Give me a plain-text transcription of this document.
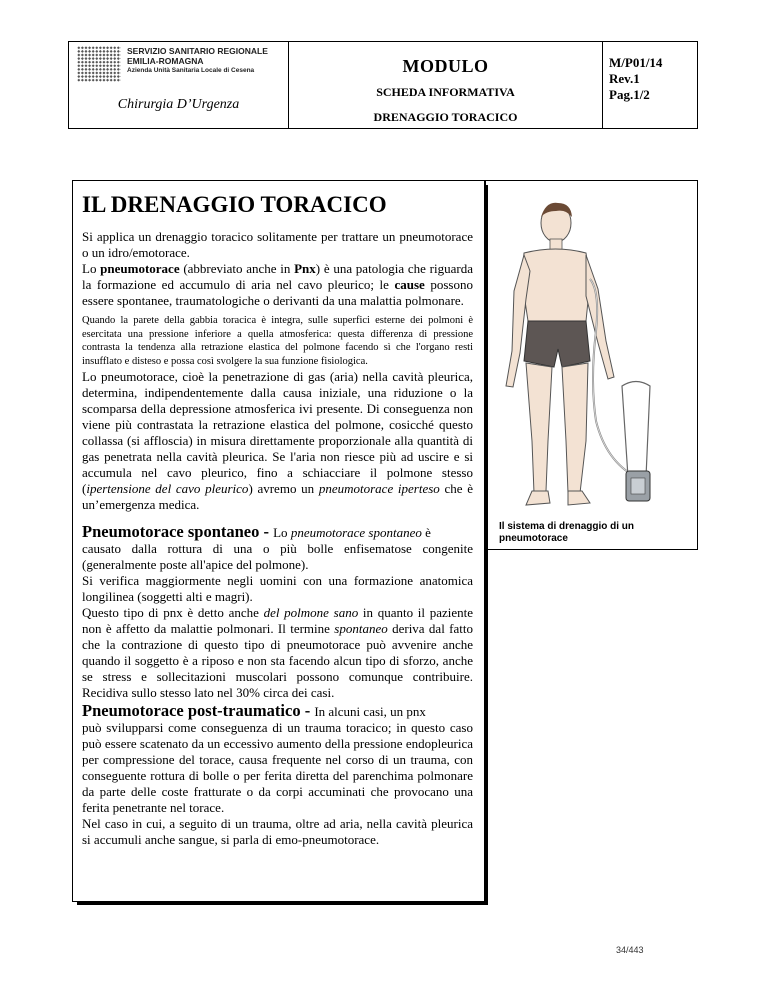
SERVIZIO SANITARIO REGIONALE
EMILIA-ROMAGNA
Azienda Unità Sanitaria Locale di Cesena
Chirurgia D’Urgenza
MODULO
SCHEDA INFORMATIVA
DRENAGGIO TORACICO
M/P01/14
Rev.1
Pag.1/2
IL DRENAGGIO TORACICO

Si applica un drenaggio toracico solitamente per trattare un pneumotorace o un idro/emotorace.

Lo pneumotorace (abbreviato anche in Pnx) è una patologia che riguarda la formazione ed accumulo di aria nel cavo pleurico; le cause possono essere spontanee, traumatologiche o derivanti da una malattia polmonare.

Quando la parete della gabbia toracica è integra, sulle superfici esterne dei polmoni è esercitata una pressione inferiore a quella atmosferica: questa differenza di pressione contrasta la tendenza alla retrazione elastica del polmone facendo sì che l'organo resti insufflato e disteso e possa così svolgere la sua funzione fisiologica.

Lo pneumotorace, cioè la penetrazione di gas (aria) nella cavità pleurica, determina, indipendentemente dalla causa iniziale, una riduzione o la scomparsa della depressione atmosferica ivi presente. Di conseguenza non viene più contrastata la retrazione elastica del polmone, cosicché questo collassa (si affloscia) in misura direttamente proporzionale alla quantità di gas penetrata nella cavità pleurica. Se l'aria non riesce più ad uscire e si accumula nel cavo pleurico, fino a schiacciare il polmone stesso (ipertensione del cavo pleurico) avremo un pneumotorace iperteso che è un’emergenza medica.

Pneumotorace spontaneo - Lo pneumotorace spontaneo è

causato dalla rottura di una o più bolle enfisematose congenite (generalmente poste all'apice del polmone).

Si verifica maggiormente negli uomini con una formazione anatomica longilinea (soggetti alti e magri).

Questo tipo di pnx è detto anche del polmone sano in quanto il paziente non è affetto da malattie polmonari. Il termine spontaneo deriva dal fatto che la contrazione di questo tipo di pneumotorace può avvenire anche quando il soggetto è a riposo e non sta facendo alcun tipo di sforzo, anche se stress e sollecitazioni muscolari possono comunque contribuire. Recidiva sullo stesso lato nel 30% circa dei casi.

Pneumotorace post-traumatico - In alcuni casi, un pnx

può svilupparsi come conseguenza di un trauma toracico; in questo caso può essere scatenato da un eccessivo aumento della pressione endopleurica per compressione del torace, causa frequente nel corso di un trauma, con conseguente rottura di bolle o per ferita diretta del parenchima polmonare da parte delle coste fratturate o da corpi accuminati che provocano una ferita penetrante nel torace.

Nel caso in cui, a seguito di un trauma, oltre ad aria, nella cavità pleurica si accumuli anche sangue, si parla di emo-pneumotorace.

Il sistema di drenaggio di un pneumotorace
34/443
